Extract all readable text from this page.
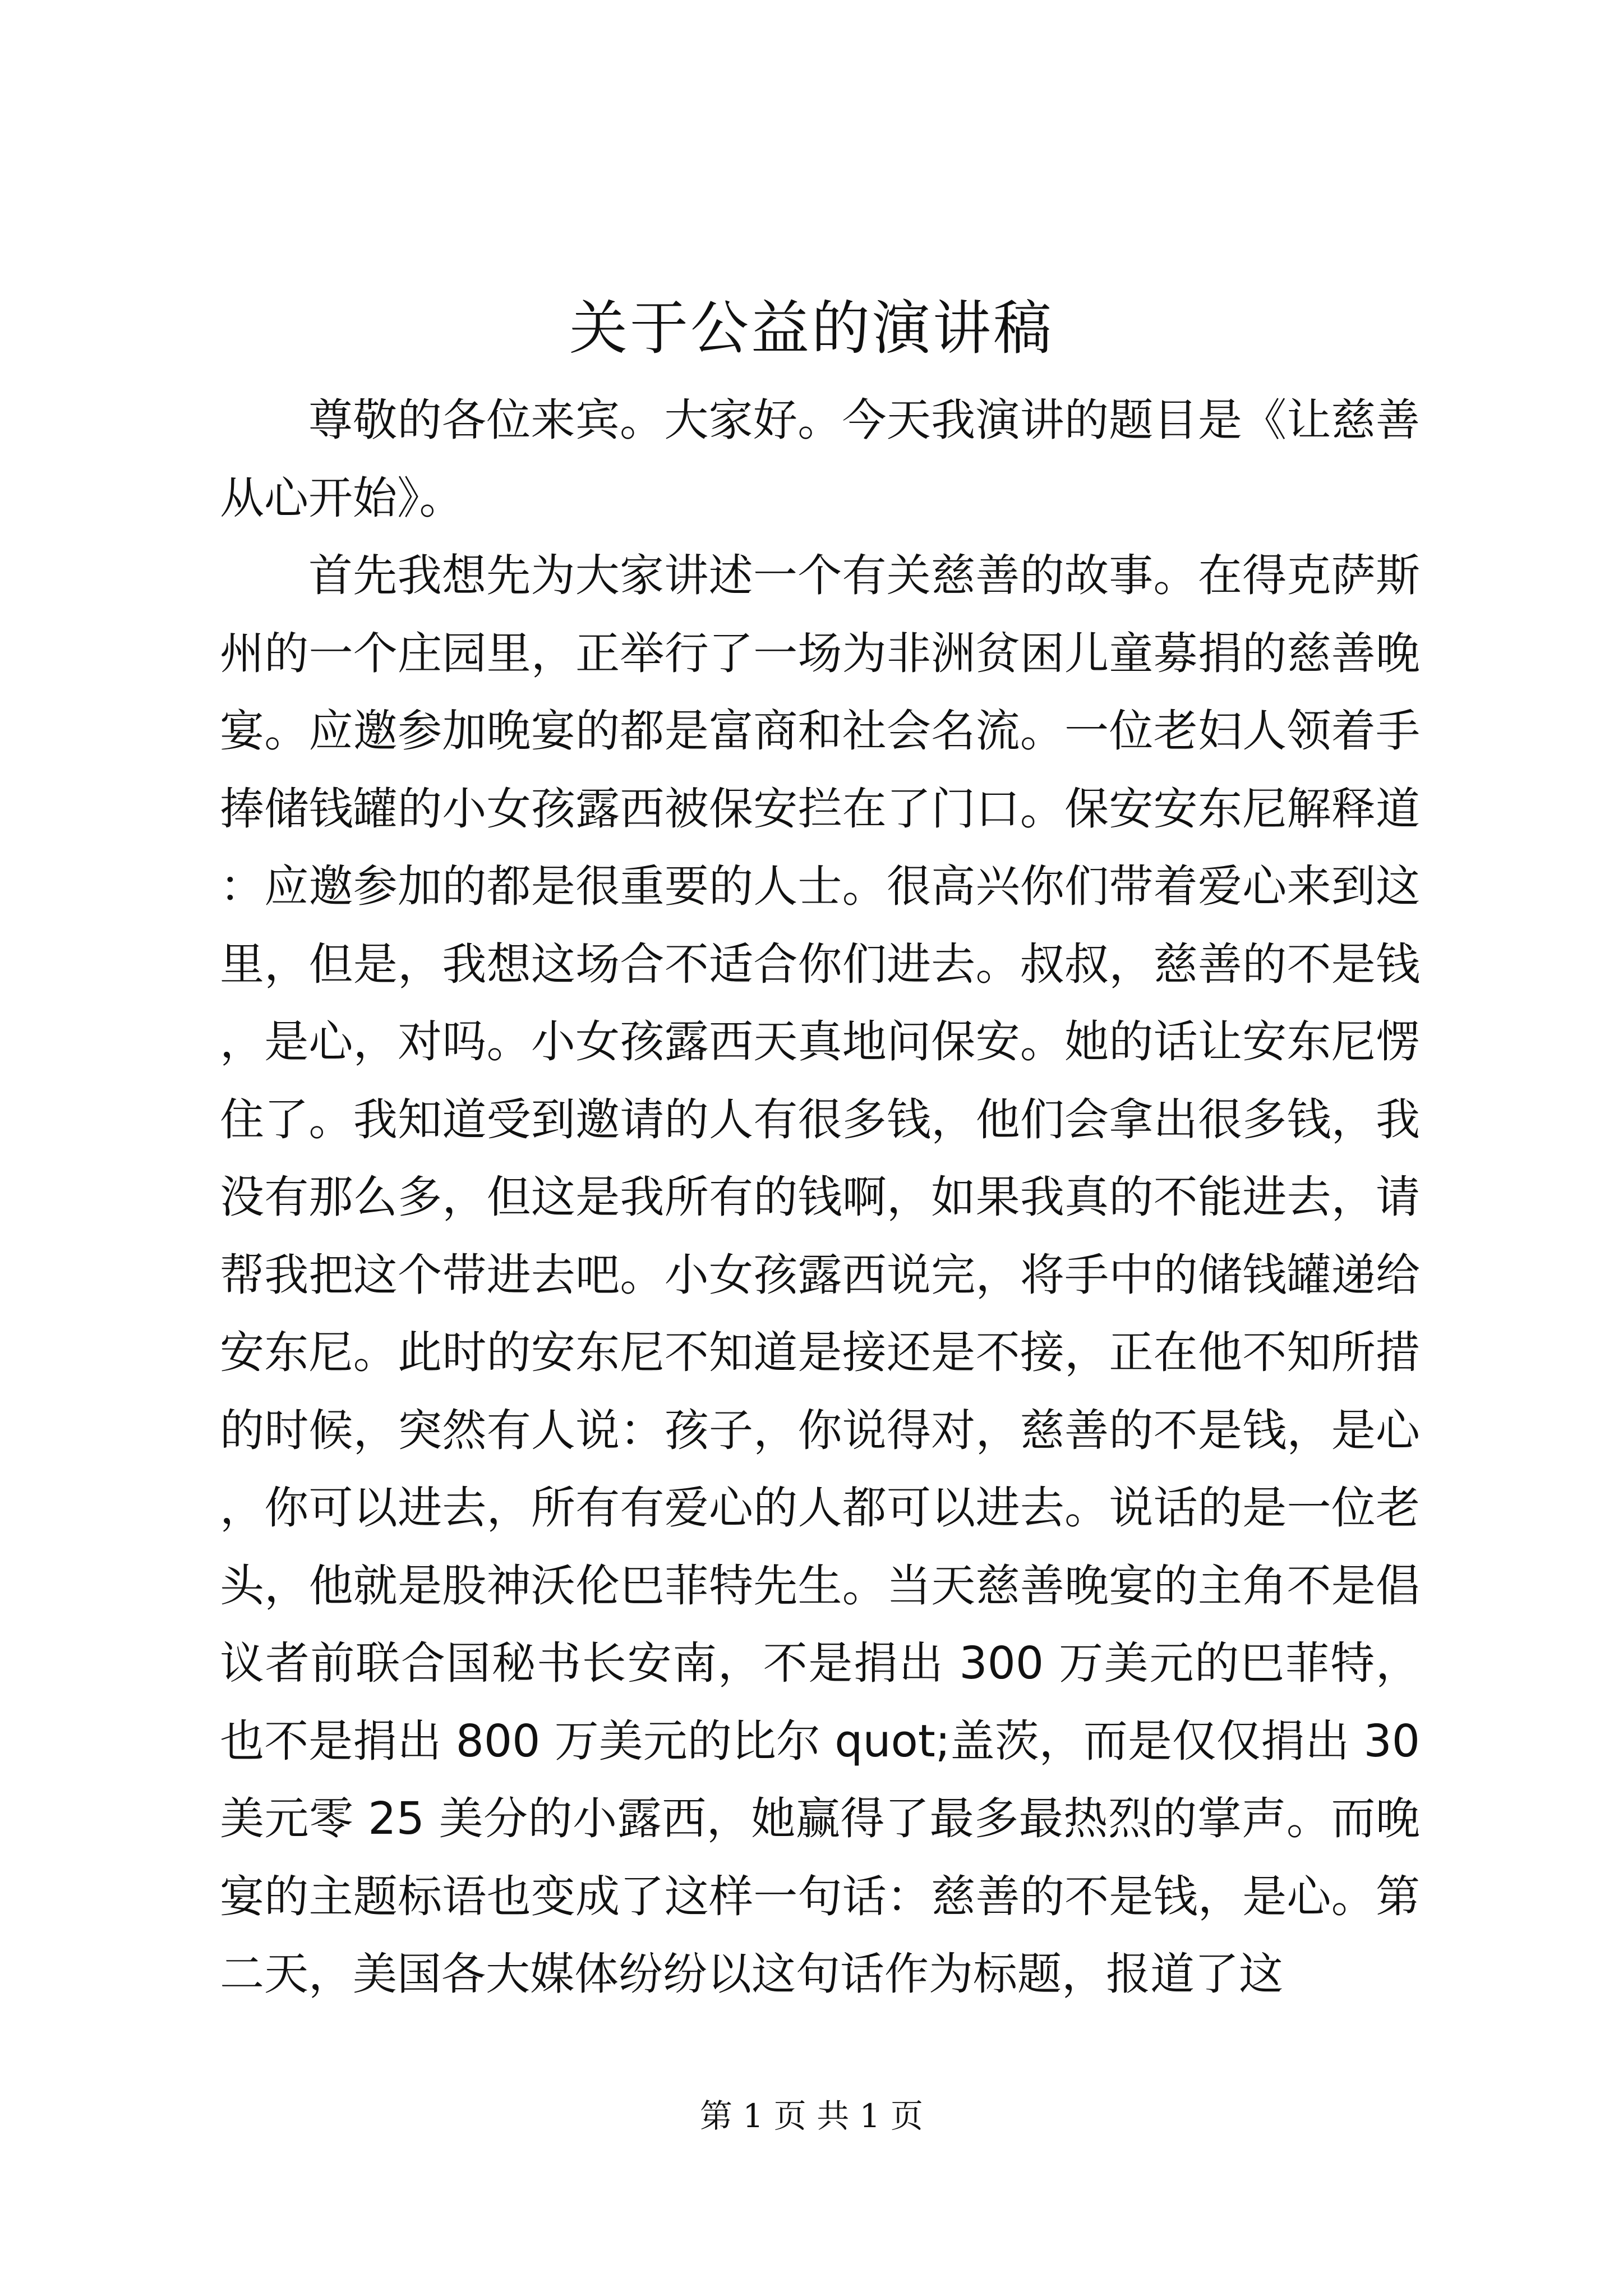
关于公益的演讲稿

尊敬的各位来宾。大家好。今天我演讲的题目是《让慈善从心开始》。

首先我想先为大家讲述一个有关慈善的故事。在得克萨斯州的一个庄园里，正举行了一场为非洲贫困儿童募捐的慈善晚宴。应邀参加晚宴的都是富商和社会名流。一位老妇人领着手捧储钱罐的小女孩露西被保安拦在了门口。保安安东尼解释道：应邀参加的都是很重要的人士。很高兴你们带着爱心来到这里，但是，我想这场合不适合你们进去。叔叔，慈善的不是钱，是心，对吗。小女孩露西天真地问保安。她的话让安东尼愣住了。我知道受到邀请的人有很多钱，他们会拿出很多钱，我没有那么多，但这是我所有的钱啊，如果我真的不能进去，请帮我把这个带进去吧。小女孩露西说完，将手中的储钱罐递给安东尼。此时的安东尼不知道是接还是不接，正在他不知所措的时候，突然有人说：孩子，你说得对，慈善的不是钱，是心，你可以进去，所有有爱心的人都可以进去。说话的是一位老头，他就是股神沃伦巴菲特先生。当天慈善晚宴的主角不是倡议者前联合国秘书长安南，不是捐出 300 万美元的巴菲特，也不是捐出 800 万美元的比尔 quot;盖茨，而是仅仅捐出 30 美元零 25 美分的小露西，她赢得了最多最热烈的掌声。而晚宴的主题标语也变成了这样一句话：慈善的不是钱，是心。第二天，美国各大媒体纷纷以这句话作为标题，报道了这

第 1 页 共 1 页
